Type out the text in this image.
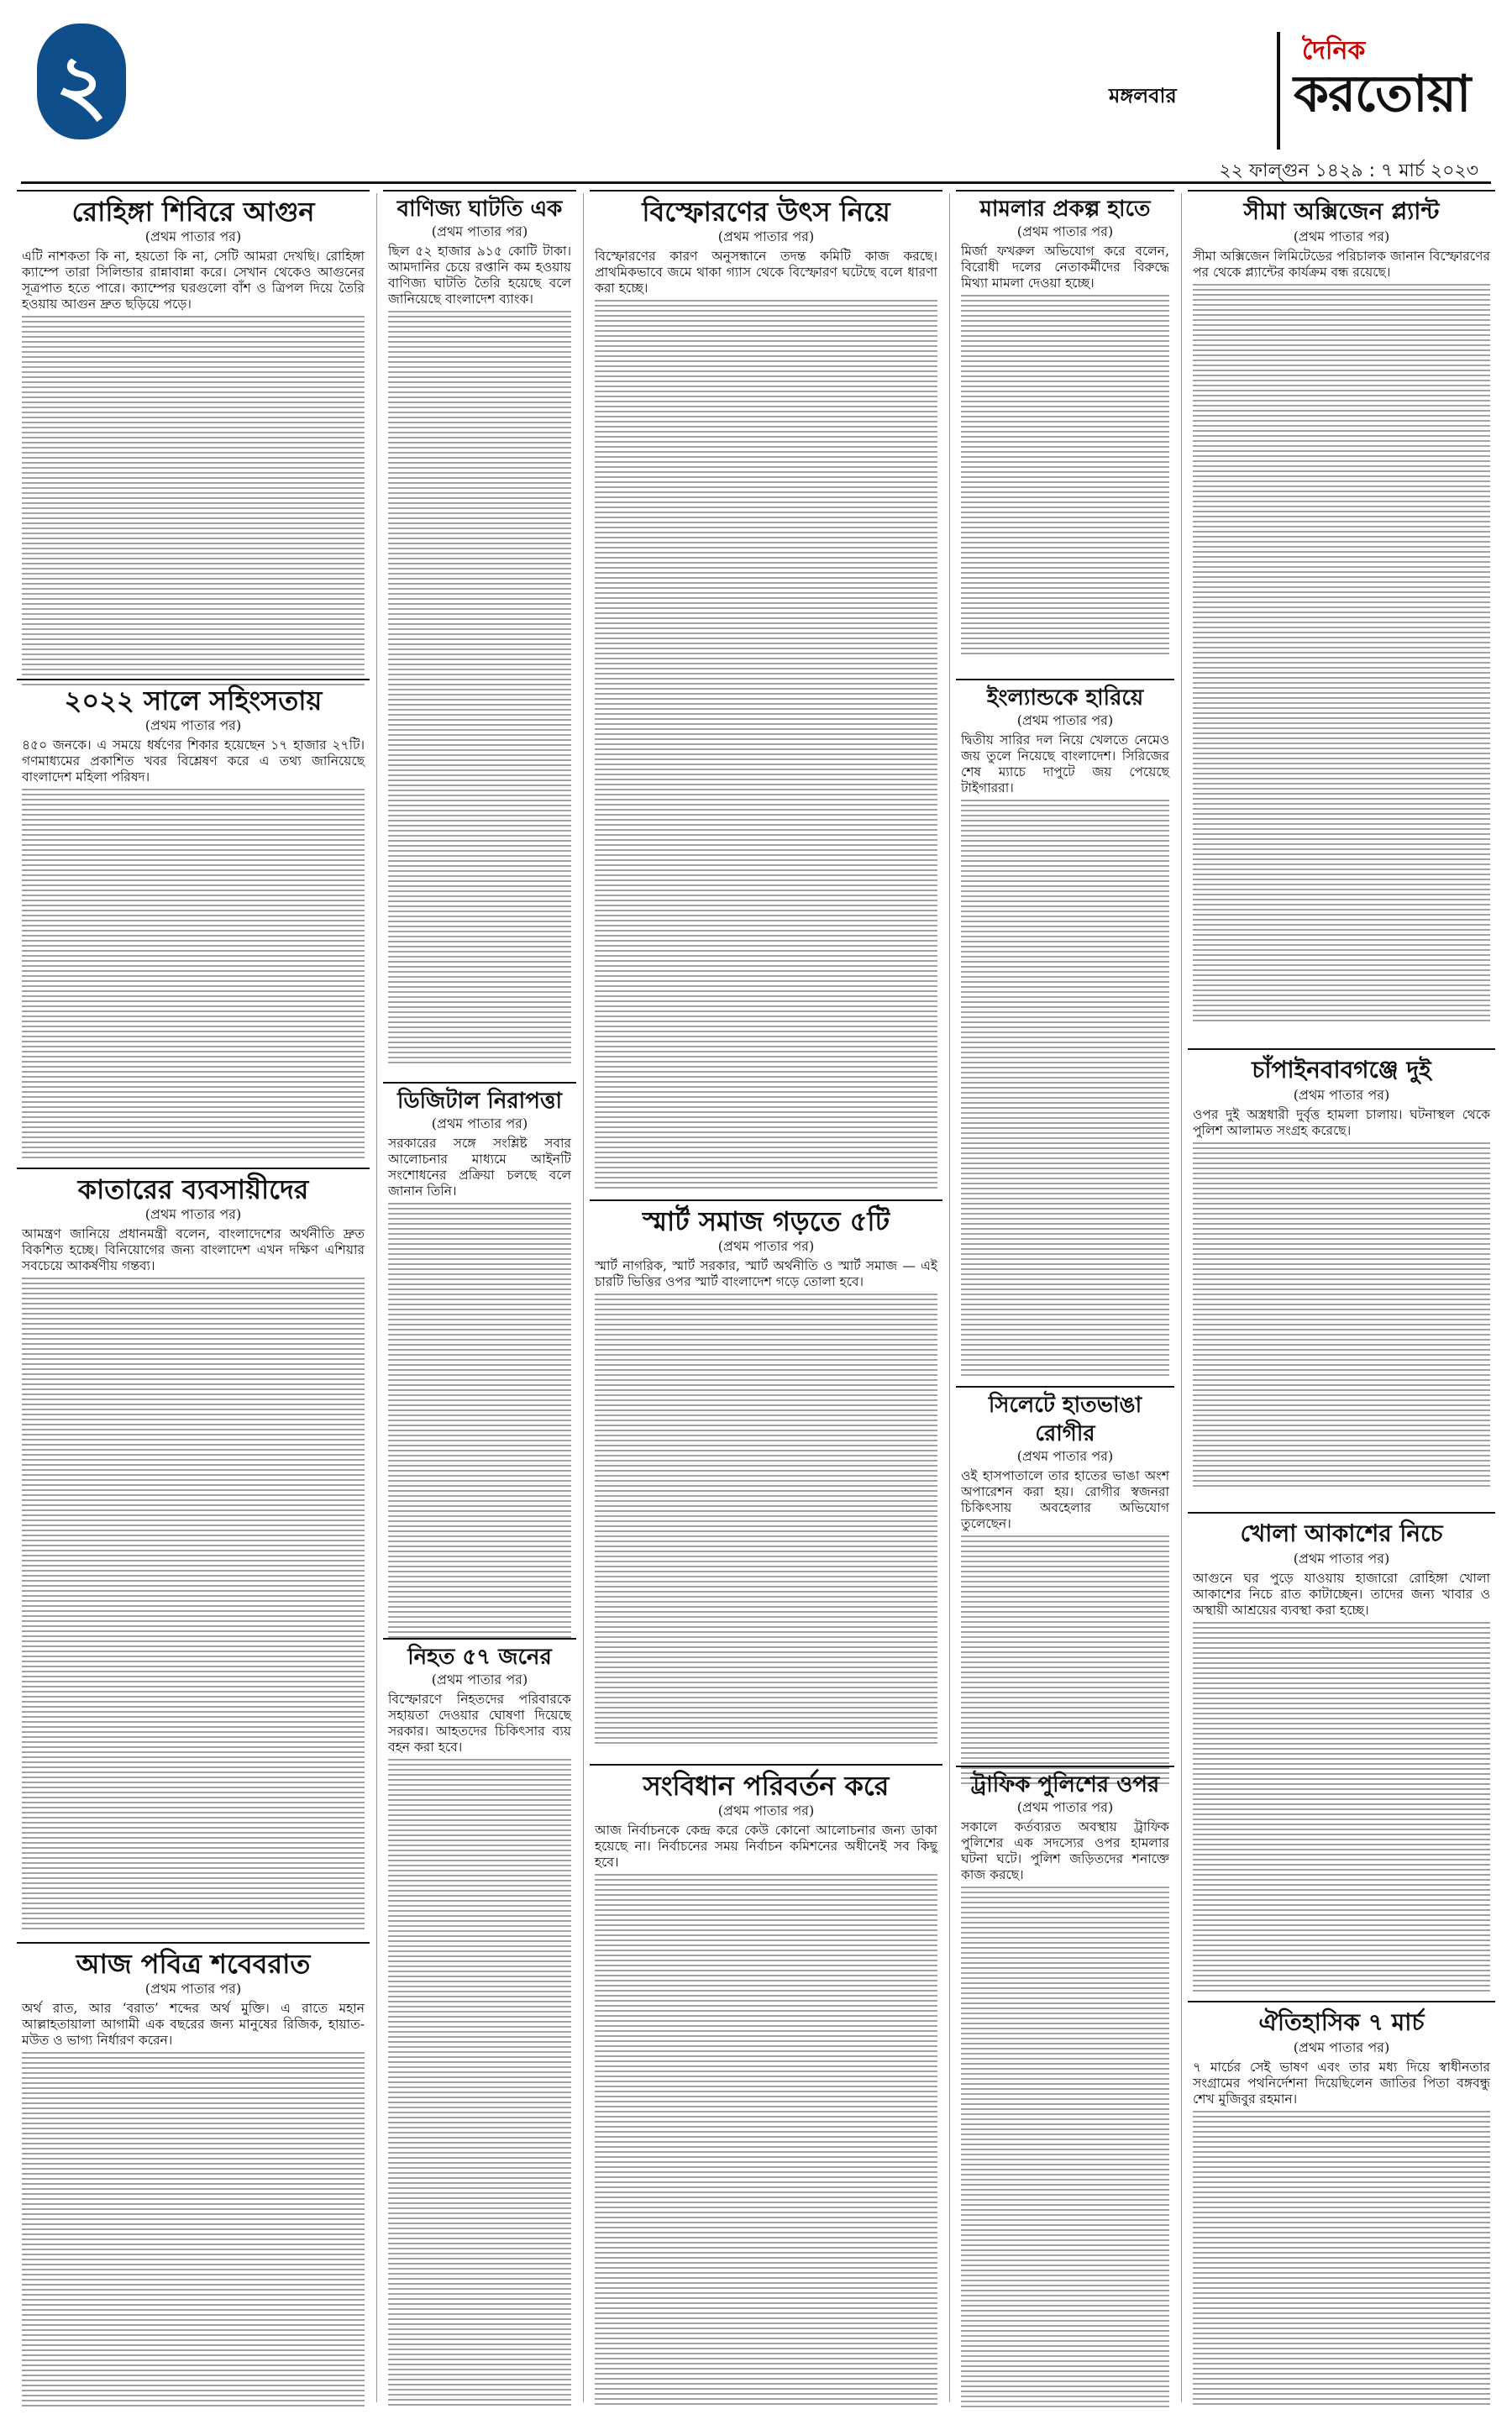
২	মঙ্গলবার
দৈনিক
করতোয়া
২২ ফাল্গুন ১৪২৯ : ৭ মার্চ ২০২৩
রোহিঙ্গা শিবিরে আগুন
(প্রথম পাতার পর)

এটি নাশকতা কি না, হয়তো কি না, সেটি আমরা দেখছি। রোহিঙ্গা ক্যাম্পে তারা সিলিন্ডার রান্নাবান্না করে। সেখান থেকেও আগুনের সূত্রপাত হতে পারে। ক্যাম্পের ঘরগুলো বাঁশ ও ত্রিপল দিয়ে তৈরি হওয়ায় আগুন দ্রুত ছড়িয়ে পড়ে।

২০২২ সালে সহিংসতায়
(প্রথম পাতার পর)

৪৫০ জনকে। এ সময়ে ধর্ষণের শিকার হয়েছেন ১৭ হাজার ২৭টি। গণমাধ্যমের প্রকাশিত খবর বিশ্লেষণ করে এ তথ্য জানিয়েছে বাংলাদেশ মহিলা পরিষদ।

কাতারের ব্যবসায়ীদের
(প্রথম পাতার পর)

আমন্ত্রণ জানিয়ে প্রধানমন্ত্রী বলেন, বাংলাদেশের অর্থনীতি দ্রুত বিকশিত হচ্ছে। বিনিয়োগের জন্য বাংলাদেশ এখন দক্ষিণ এশিয়ার সবচেয়ে আকর্ষণীয় গন্তব্য।

আজ পবিত্র শবেবরাত
(প্রথম পাতার পর)

অর্থ রাত, আর ‘বরাত’ শব্দের অর্থ মুক্তি। এ রাতে মহান আল্লাহতায়ালা আগামী এক বছরের জন্য মানুষের রিজিক, হায়াত-মউত ও ভাগ্য নির্ধারণ করেন।

বাণিজ্য ঘাটতি এক
(প্রথম পাতার পর)

ছিল ৫২ হাজার ৯১৫ কোটি টাকা। আমদানির চেয়ে রপ্তানি কম হওয়ায় বাণিজ্য ঘাটতি তৈরি হয়েছে বলে জানিয়েছে বাংলাদেশ ব্যাংক।

ডিজিটাল নিরাপত্তা
(প্রথম পাতার পর)

সরকারের সঙ্গে সংশ্লিষ্ট সবার আলোচনার মাধ্যমে আইনটি সংশোধনের প্রক্রিয়া চলছে বলে জানান তিনি।

নিহত ৫৭ জনের
(প্রথম পাতার পর)

বিস্ফোরণে নিহতদের পরিবারকে সহায়তা দেওয়ার ঘোষণা দিয়েছে সরকার। আহতদের চিকিৎসার ব্যয় বহন করা হবে।

বিস্ফোরণের উৎস নিয়ে
(প্রথম পাতার পর)

বিস্ফোরণের কারণ অনুসন্ধানে তদন্ত কমিটি কাজ করছে। প্রাথমিকভাবে জমে থাকা গ্যাস থেকে বিস্ফোরণ ঘটেছে বলে ধারণা করা হচ্ছে।

স্মার্ট সমাজ গড়তে ৫টি
(প্রথম পাতার পর)

স্মার্ট নাগরিক, স্মার্ট সরকার, স্মার্ট অর্থনীতি ও স্মার্ট সমাজ — এই চারটি ভিত্তির ওপর স্মার্ট বাংলাদেশ গড়ে তোলা হবে।

সংবিধান পরিবর্তন করে
(প্রথম পাতার পর)

আজ নির্বাচনকে কেন্দ্র করে কেউ কোনো আলোচনার জন্য ডাকা হয়েছে না। নির্বাচনের সময় নির্বাচন কমিশনের অধীনেই সব কিছু হবে।

মামলার প্রকল্প হাতে
(প্রথম পাতার পর)

মির্জা ফখরুল অভিযোগ করে বলেন, বিরোধী দলের নেতাকর্মীদের বিরুদ্ধে মিথ্যা মামলা দেওয়া হচ্ছে।

ইংল্যান্ডকে হারিয়ে
(প্রথম পাতার পর)

দ্বিতীয় সারির দল নিয়ে খেলতে নেমেও জয় তুলে নিয়েছে বাংলাদেশ। সিরিজের শেষ ম্যাচে দাপুটে জয় পেয়েছে টাইগাররা।

সিলেটে হাতভাঙা রোগীর
(প্রথম পাতার পর)

ওই হাসপাতালে তার হাতের ভাঙা অংশ অপারেশন করা হয়। রোগীর স্বজনরা চিকিৎসায় অবহেলার অভিযোগ তুলেছেন।

ট্রাফিক পুলিশের ওপর
(প্রথম পাতার পর)

সকালে কর্তব্যরত অবস্থায় ট্রাফিক পুলিশের এক সদস্যের ওপর হামলার ঘটনা ঘটে। পুলিশ জড়িতদের শনাক্তে কাজ করছে।

সীমা অক্সিজেন প্ল্যান্ট
(প্রথম পাতার পর)

সীমা অক্সিজেন লিমিটেডের পরিচালক জানান বিস্ফোরণের পর থেকে প্ল্যান্টের কার্যক্রম বন্ধ রয়েছে।

চাঁপাইনবাবগঞ্জে দুই
(প্রথম পাতার পর)

ওপর দুই অস্ত্রধারী দুর্বৃত্ত হামলা চালায়। ঘটনাস্থল থেকে পুলিশ আলামত সংগ্রহ করেছে।

খোলা আকাশের নিচে
(প্রথম পাতার পর)

আগুনে ঘর পুড়ে যাওয়ায় হাজারো রোহিঙ্গা খোলা আকাশের নিচে রাত কাটাচ্ছেন। তাদের জন্য খাবার ও অস্থায়ী আশ্রয়ের ব্যবস্থা করা হচ্ছে।

ঐতিহাসিক ৭ মার্চ
(প্রথম পাতার পর)

৭ মার্চের সেই ভাষণ এবং তার মধ্য দিয়ে স্বাধীনতার সংগ্রামের পথনির্দেশনা দিয়েছিলেন জাতির পিতা বঙ্গবন্ধু শেখ মুজিবুর রহমান।
